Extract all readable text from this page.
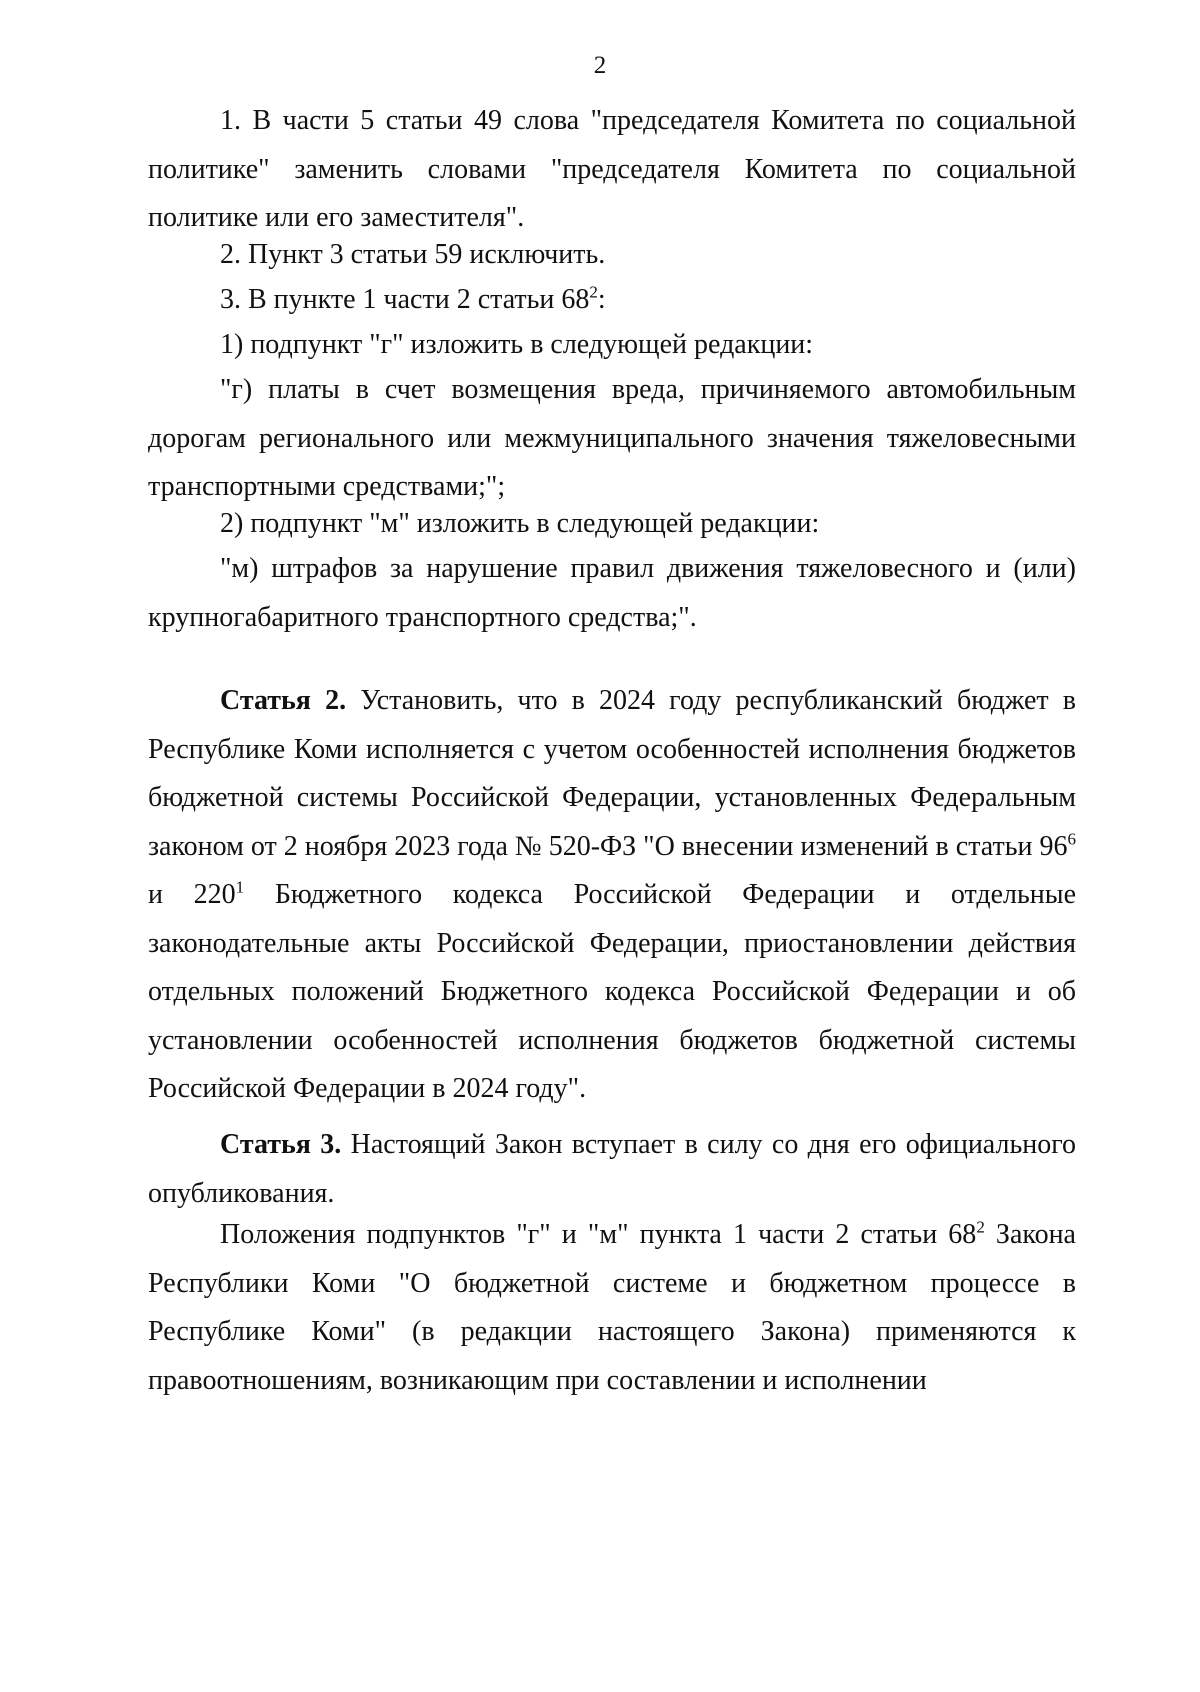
2

1. В части 5 статьи 49 слова "председателя Комитета по социальной политике" заменить словами "председателя Комитета по социальной политике или его заместителя".

2. Пункт 3 статьи 59 исключить.

3. В пункте 1 части 2 статьи $68^2$:

1) подпункт "г" изложить в следующей редакции:

"г) платы в счет возмещения вреда, причиняемого автомобильным дорогам регионального или межмуниципального значения тяжеловесными транспортными средствами;";

2) подпункт "м" изложить в следующей редакции:

"м) штрафов за нарушение правил движения тяжеловесного и (или) крупногабаритного транспортного средства;".

Статья 2. Установить, что в 2024 году республиканский бюджет в Республике Коми исполняется с учетом особенностей исполнения бюджетов бюджетной системы Российской Федерации, установленных Федеральным законом от 2 ноября 2023 года № 520-ФЗ "О внесении изменений в статьи $96^6$ и $220^1$ Бюджетного кодекса Российской Федерации и отдельные законодательные акты Российской Федерации, приостановлении действия отдельных положений Бюджетного кодекса Российской Федерации и об установлении особенностей исполнения бюджетов бюджетной системы Российской Федерации в 2024 году".

Статья 3. Настоящий Закон вступает в силу со дня его официального опубликования.

Положения подпунктов "г" и "м" пункта 1 части 2 статьи $68^2$ Закона Республики Коми "О бюджетной системе и бюджетном процессе в Республике Коми" (в редакции настоящего Закона) применяются к правоотношениям, возникающим при составлении и исполнении
